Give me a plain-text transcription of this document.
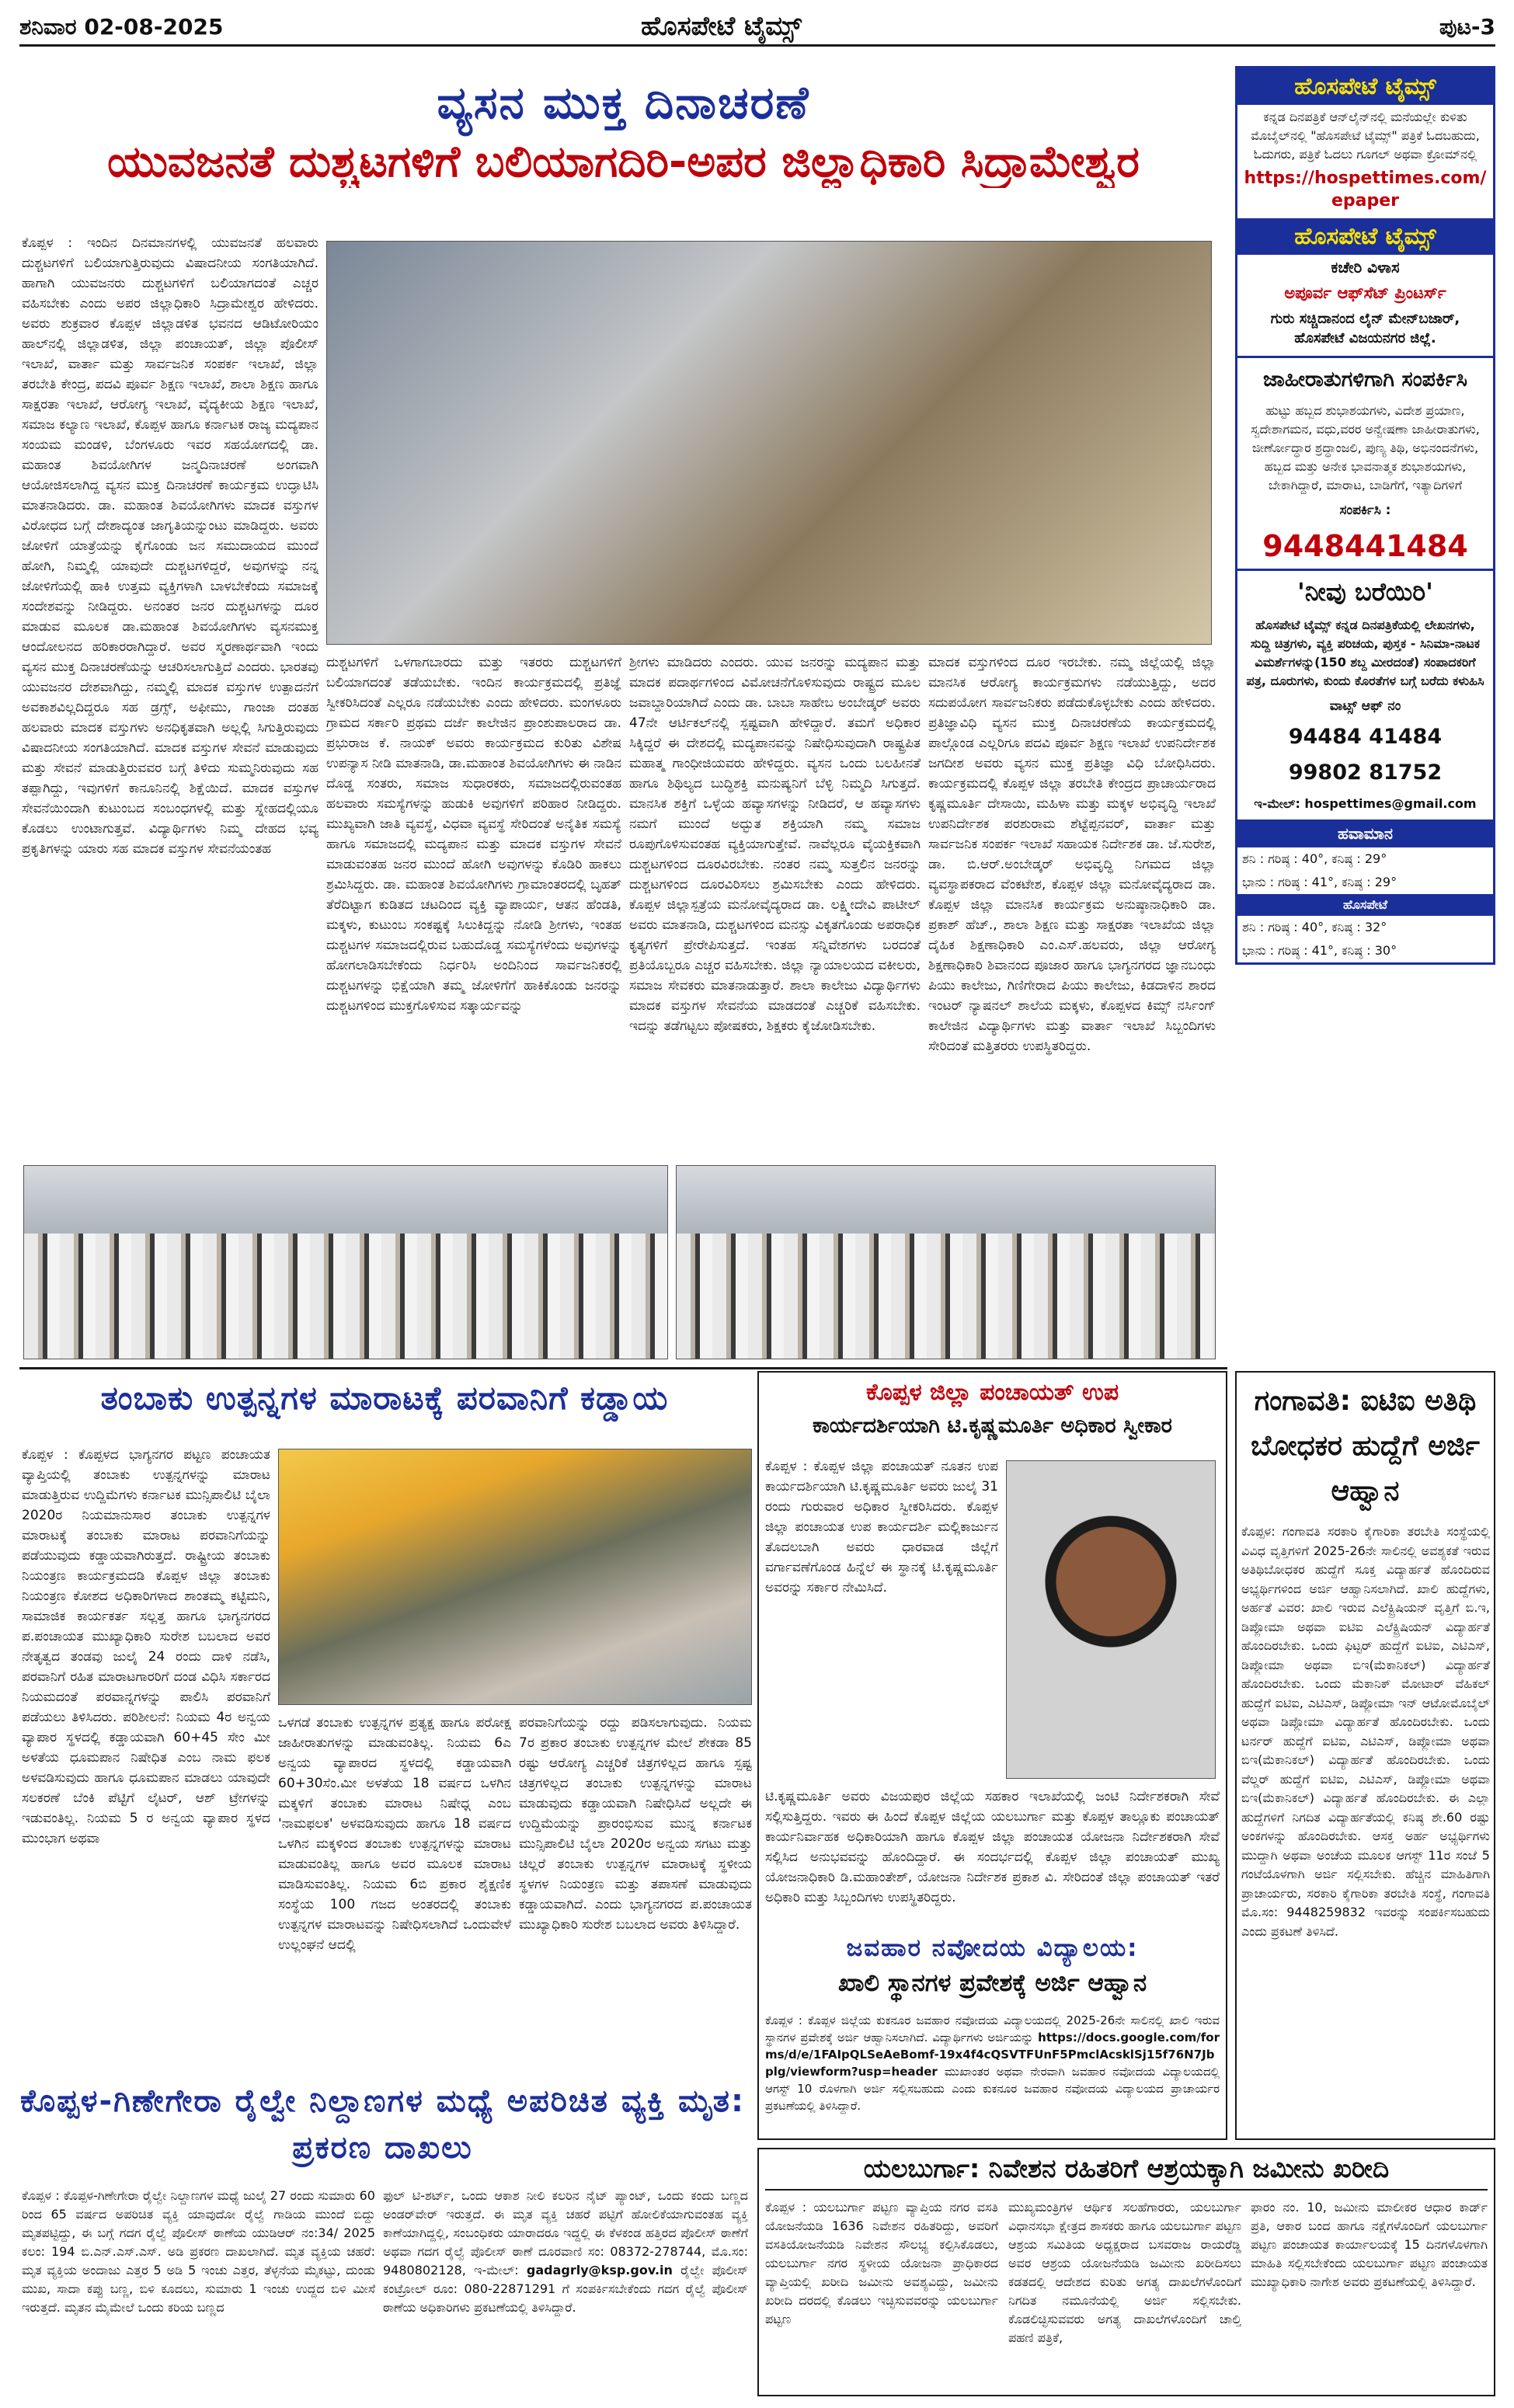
ಶನಿವಾರ 02-08-2025	ಹೊಸಪೇಟೆ ಟೈಮ್ಸ್	ಪುಟ-3
ವ್ಯಸನ ಮುಕ್ತ ದಿನಾಚರಣೆ
ಯುವಜನತೆ ದುಶ್ಚಟಗಳಿಗೆ ಬಲಿಯಾಗದಿರಿ-ಅಪರ ಜಿಲ್ಲಾಧಿಕಾರಿ ಸಿದ್ರಾಮೇಶ್ವರ

ಕೊಪ್ಪಳ : ಇಂದಿನ ದಿನಮಾನಗಳಲ್ಲಿ ಯುವಜನತೆ ಹಲವಾರು ದುಶ್ಚಟಗಳಿಗೆ ಬಲಿಯಾಗುತ್ತಿರುವುದು ವಿಷಾದನೀಯ ಸಂಗತಿಯಾಗಿದೆ. ಹಾಗಾಗಿ ಯುವಜನರು ದುಶ್ಚಟಗಳಿಗೆ ಬಲಿಯಾಗದಂತೆ ಎಚ್ಚರ ವಹಿಸಬೇಕು ಎಂದು ಅಪರ ಜಿಲ್ಲಾಧಿಕಾರಿ ಸಿದ್ರಾಮೇಶ್ವರ ಹೇಳಿದರು. ಅವರು ಶುಕ್ರವಾರ ಕೊಪ್ಪಳ ಜಿಲ್ಲಾಡಳಿತ ಭವನದ ಆಡಿಟೋರಿಯಂ ಹಾಲ್‌ನಲ್ಲಿ ಜಿಲ್ಲಾಡಳಿತ, ಜಿಲ್ಲಾ ಪಂಚಾಯತ್, ಜಿಲ್ಲಾ ಪೊಲೀಸ್ ಇಲಾಖೆ, ವಾರ್ತಾ ಮತ್ತು ಸಾರ್ವಜನಿಕ ಸಂಪರ್ಕ ಇಲಾಖೆ, ಜಿಲ್ಲಾ ತರಬೇತಿ ಕೇಂದ್ರ, ಪದವಿ ಪೂರ್ವ ಶಿಕ್ಷಣ ಇಲಾಖೆ, ಶಾಲಾ ಶಿಕ್ಷಣ ಹಾಗೂ ಸಾಕ್ಷರತಾ ಇಲಾಖೆ, ಆರೋಗ್ಯ ಇಲಾಖೆ, ವೈದ್ಯಕೀಯ ಶಿಕ್ಷಣ ಇಲಾಖೆ, ಸಮಾಜ ಕಲ್ಯಾಣ ಇಲಾಖೆ, ಕೊಪ್ಪಳ ಹಾಗೂ ಕರ್ನಾಟಕ ರಾಜ್ಯ ಮದ್ಯಪಾನ ಸಂಯಮ ಮಂಡಳಿ, ಬೆಂಗಳೂರು ಇವರ ಸಹಯೋಗದಲ್ಲಿ ಡಾ. ಮಹಾಂತ ಶಿವಯೋಗಿಗಳ ಜನ್ಮದಿನಾಚರಣೆ ಅಂಗವಾಗಿ ಆಯೋಜಿಸಲಾಗಿದ್ದ ವ್ಯಸನ ಮುಕ್ತ ದಿನಾಚರಣೆ ಕಾರ್ಯಕ್ರಮ ಉದ್ಘಾಟಿಸಿ ಮಾತನಾಡಿದರು. ಡಾ. ಮಹಾಂತ ಶಿವಯೋಗಿಗಳು ಮಾದಕ ವಸ್ತುಗಳ ವಿರೋಧದ ಬಗ್ಗೆ ದೇಶಾದ್ಯಂತ ಜಾಗೃತಿಯನ್ನುಂಟು ಮಾಡಿದ್ದರು. ಅವರು ಜೋಳಿಗೆ ಯಾತ್ರೆಯನ್ನು ಕೈಗೊಂಡು ಜನ ಸಮುದಾಯದ ಮುಂದೆ ಹೋಗಿ, ನಿಮ್ಮಲ್ಲಿ ಯಾವುದೇ ದುಶ್ಚಟಗಳಿದ್ದರೆ, ಅವುಗಳನ್ನು ನನ್ನ ಜೋಳಿಗೆಯಲ್ಲಿ ಹಾಕಿ ಉತ್ತಮ ವ್ಯಕ್ತಿಗಳಾಗಿ ಬಾಳಬೇಕೆಂದು ಸಮಾಜಕ್ಕೆ ಸಂದೇಶವನ್ನು ನೀಡಿದ್ದರು. ಅನಂತರ ಜನರ ದುಶ್ಚಟಗಳನ್ನು ದೂರ ಮಾಡುವ ಮೂಲಕ ಡಾ.ಮಹಾಂತ ಶಿವಯೋಗಿಗಳು ವ್ಯಸನಮುಕ್ತ ಆಂದೋಲನದ ಹರಿಕಾರರಾಗಿದ್ದಾರೆ. ಅವರ ಸ್ಮರಣಾರ್ಥವಾಗಿ ಇಂದು ವ್ಯಸನ ಮುಕ್ತ ದಿನಾಚರಣೆಯನ್ನು ಆಚರಿಸಲಾಗುತ್ತಿದೆ ಎಂದರು. ಭಾರತವು ಯುವಜನರ ದೇಶವಾಗಿದ್ದು, ನಮ್ಮಲ್ಲಿ ಮಾದಕ ವಸ್ತುಗಳ ಉತ್ಪಾದನೆಗೆ ಅವಕಾಶವಿಲ್ಲದಿದ್ದರೂ ಸಹ ಡ್ರಗ್ಸ್, ಅಫೀಮು, ಗಾಂಜಾ ದಂತಹ ಹಲವಾರು ಮಾದಕ ವಸ್ತುಗಳು ಅನಧಿಕೃತವಾಗಿ ಅಲ್ಲಲ್ಲಿ ಸಿಗುತ್ತಿರುವುದು ವಿಷಾದನೀಯ ಸಂಗತಿಯಾಗಿದೆ. ಮಾದಕ ವಸ್ತುಗಳ ಸೇವನೆ ಮಾಡುವುದು ಮತ್ತು ಸೇವನೆ ಮಾಡುತ್ತಿರುವವರ ಬಗ್ಗೆ ತಿಳಿದು ಸುಮ್ಮನಿರುವುದು ಸಹ ತಪ್ಪಾಗಿದ್ದು, ಇವುಗಳಿಗೆ ಕಾನೂನಿನಲ್ಲಿ ಶಿಕ್ಷೆಯಿದೆ. ಮಾದಕ ವಸ್ತುಗಳ ಸೇವನೆಯಿಂದಾಗಿ ಕುಟುಂಬದ ಸಂಬಂಧಗಳಲ್ಲಿ ಮತ್ತು ಸ್ನೇಹದಲ್ಲಿಯೂ ಕೊಡಲು ಉಂಟಾಗುತ್ತವೆ. ವಿದ್ಯಾರ್ಥಿಗಳು ನಿಮ್ಮ ದೇಹದ ಭವ್ಯ ಪ್ರಕೃತಿಗಳನ್ನು ಯಾರು ಸಹ ಮಾದಕ ವಸ್ತುಗಳ ಸೇವನೆಯಂತಹ

ದುಶ್ಚಟಗಳಿಗೆ ಒಳಗಾಗಬಾರದು ಮತ್ತು ಇತರರು ದುಶ್ಚಟಗಳಿಗೆ ಬಲಿಯಾಗದಂತೆ ತಡೆಯಬೇಕು. ಇಂದಿನ ಕಾರ್ಯಕ್ರಮದಲ್ಲಿ ಪ್ರತಿಜ್ಞೆ ಸ್ವೀಕರಿಸಿದಂತೆ ಎಲ್ಲರೂ ನಡೆಯಬೇಕು ಎಂದು ಹೇಳಿದರು. ಮಂಗಳೂರು ಗ್ರಾಮದ ಸರ್ಕಾರಿ ಪ್ರಥಮ ದರ್ಜೆ ಕಾಲೇಜಿನ ಪ್ರಾಂಶುಪಾಲರಾದ ಡಾ. ಪ್ರಭುರಾಜ ಕೆ. ನಾಯಕ್ ಅವರು ಕಾರ್ಯಕ್ರಮದ ಕುರಿತು ವಿಶೇಷ ಉಪನ್ಯಾಸ ನೀಡಿ ಮಾತನಾಡಿ, ಡಾ.ಮಹಾಂತ ಶಿವಯೋಗಿಗಳು ಈ ನಾಡಿನ ದೊಡ್ಡ ಸಂತರು, ಸಮಾಜ ಸುಧಾರಕರು, ಸಮಾಜದಲ್ಲಿರುವಂತಹ ಹಲವಾರು ಸಮಸ್ಯೆಗಳನ್ನು ಹುಡುಕಿ ಅವುಗಳಿಗೆ ಪರಿಹಾರ ನೀಡಿದ್ದರು. ಮುಖ್ಯವಾಗಿ ಜಾತಿ ವ್ಯವಸ್ಥೆ, ವಿಧವಾ ವ್ಯವಸ್ಥೆ ಸೇರಿದಂತೆ ಅನೈತಿಕ ಸಮಸ್ಯೆ ಹಾಗೂ ಸಮಾಜದಲ್ಲಿ ಮದ್ಯಪಾನ ಮತ್ತು ಮಾದಕ ವಸ್ತುಗಳ ಸೇವನೆ ಮಾಡುವಂತಹ ಜನರ ಮುಂದೆ ಹೋಗಿ ಅವುಗಳನ್ನು ಕೊಡಿರಿ ಹಾಕಲು ಶ್ರಮಿಸಿದ್ದರು. ಡಾ. ಮಹಾಂತ ಶಿವಯೋಗಿಗಳು ಗ್ರಾಮಾಂತರದಲ್ಲಿ ಬೃಹತ್ ತೆರೆದಿಟ್ಟಾಗ ಕುಡಿತದ ಚಟದಿಂದ ವ್ಯಕ್ತಿ ವ್ಯಾಪಾರ್ಯ, ಆತನ ಹೆಂಡತಿ, ಮಕ್ಕಳು, ಕುಟುಂಬ ಸಂಕಷ್ಟಕ್ಕೆ ಸಿಲುಕಿದ್ದನ್ನು ನೋಡಿ ಶ್ರೀಗಳು, ಇಂತಹ ದುಶ್ಚಟಗಳ ಸಮಾಜದಲ್ಲಿರುವ ಬಹುದೊಡ್ಡ ಸಮಸ್ಯೆಗಳೆಂದು ಅವುಗಳನ್ನು ಹೋಗಲಾಡಿಸಬೇಕೆಂದು ನಿರ್ಧರಿಸಿ ಅಂದಿನಿಂದ ಸಾರ್ವಜನಿಕರಲ್ಲಿ ದುಶ್ಚಟಗಳನ್ನು ಭಿಕ್ಷೆಯಾಗಿ ತಮ್ಮ ಜೋಳಿಗೆಗೆ ಹಾಕಿಕೊಂಡು ಜನರನ್ನು ದುಶ್ಚಟಗಳಿಂದ ಮುಕ್ತಗೊಳಿಸುವ ಸತ್ಕಾರ್ಯವನ್ನು

ಶ್ರೀಗಳು ಮಾಡಿದರು ಎಂದರು. ಯುವ ಜನರನ್ನು ಮದ್ಯಪಾನ ಮತ್ತು ಮಾದಕ ಪದಾರ್ಥಗಳಿಂದ ವಿಮೋಚನೆಗೊಳಿಸುವುದು ರಾಷ್ಟ್ರದ ಮೂಲ ಜವಾಬ್ದಾರಿಯಾಗಿದೆ ಎಂದು ಡಾ. ಬಾಬಾ ಸಾಹೇಬ ಅಂಬೇಡ್ಕರ್ ಅವರು 47ನೇ ಆರ್ಟಿಕಲ್‌ನಲ್ಲಿ ಸ್ಪಷ್ಟವಾಗಿ ಹೇಳಿದ್ದಾರೆ. ತಮಗೆ ಅಧಿಕಾರ ಸಿಕ್ಕಿದ್ದರೆ ಈ ದೇಶದಲ್ಲಿ ಮದ್ಯಪಾನವನ್ನು ನಿಷೇಧಿಸುವುದಾಗಿ ರಾಷ್ಟ್ರಪಿತ ಮಹಾತ್ಮ ಗಾಂಧೀಜಿಯವರು ಹೇಳಿದ್ದರು. ವ್ಯಸನ ಒಂದು ಬಲಹೀನತೆ ಹಾಗೂ ಶಿಥಿಲ್ಯದ ಬುದ್ಧಿಶಕ್ತಿ ಮನುಷ್ಯನಿಗೆ ಬೆಳ್ಳಿ ನಿಮ್ಮದಿ ಸಿಗುತ್ತದೆ. ಮಾನಸಿಕ ಶಕ್ತಿಗೆ ಒಳ್ಳೆಯ ಹವ್ಯಾಸಗಳನ್ನು ನೀಡಿದರೆ, ಆ ಹವ್ಯಾಸಗಳು ನಮಗೆ ಮುಂದೆ ಅದ್ಭುತ ಶಕ್ತಿಯಾಗಿ ನಮ್ಮ ಸಮಾಜ ರೂಪುಗೊಳಿಸುವಂತಹ ವ್ಯಕ್ತಿಯಾಗುತ್ತೇವೆ. ನಾವೆಲ್ಲರೂ ವೈಯಕ್ತಿಕವಾಗಿ ದುಶ್ಚಟಗಳಿಂದ ದೂರವಿರಬೇಕು. ನಂತರ ನಮ್ಮ ಸುತ್ತಲಿನ ಜನರನ್ನು ದುಶ್ಚಟಗಳಿಂದ ದೂರವಿರಿಸಲು ಶ್ರಮಿಸಬೇಕು ಎಂದು ಹೇಳಿದರು. ಕೊಪ್ಪಳ ಜಿಲ್ಲಾಸ್ಪತ್ರೆಯ ಮನೋವೈದ್ಯರಾದ ಡಾ. ಲಕ್ಷ್ಮೀದೇವಿ ಪಾಟೀಲ್ ಅವರು ಮಾತನಾಡಿ, ದುಶ್ಚಟಗಳಿಂದ ಮನಸ್ಸು ವಿಕೃತಗೊಂಡು ಅಪರಾಧಿಕ ಕೃತ್ಯಗಳಿಗೆ ಪ್ರೇರೇಪಿಸುತ್ತದೆ. ಇಂತಹ ಸನ್ನಿವೇಶಗಳು ಬರದಂತೆ ಪ್ರತಿಯೊಬ್ಬರೂ ಎಚ್ಚರ ವಹಿಸಬೇಕು. ಜಿಲ್ಲಾ ನ್ಯಾಯಾಲಯದ ವಕೀಲರು, ಸಮಾಜ ಸೇವಕರು ಮಾತನಾಡುತ್ತಾರೆ. ಶಾಲಾ ಕಾಲೇಜು ವಿದ್ಯಾರ್ಥಿಗಳು ಮಾದಕ ವಸ್ತುಗಳ ಸೇವನೆಯ ಮಾಡದಂತೆ ಎಚ್ಚರಿಕೆ ವಹಿಸಬೇಕು. ಇದನ್ನು ತಡೆಗಟ್ಟಲು ಪೋಷಕರು, ಶಿಕ್ಷಕರು ಕೈಜೋಡಿಸಬೇಕು.

ಮಾದಕ ವಸ್ತುಗಳಿಂದ ದೂರ ಇರಬೇಕು. ನಮ್ಮ ಜಿಲ್ಲೆಯಲ್ಲಿ ಜಿಲ್ಲಾ ಮಾನಸಿಕ ಆರೋಗ್ಯ ಕಾರ್ಯಕ್ರಮಗಳು ನಡೆಯುತ್ತಿದ್ದು, ಅದರ ಸದುಪಯೋಗ ಸಾರ್ವಜನಿಕರು ಪಡೆದುಕೊಳ್ಳಬೇಕು ಎಂದು ಹೇಳಿದರು. ಪ್ರತಿಜ್ಞಾವಿಧಿ ವ್ಯಸನ ಮುಕ್ತ ದಿನಾಚರಣೆಯ ಕಾರ್ಯಕ್ರಮದಲ್ಲಿ ಪಾಲ್ಗೊಂಡ ಎಲ್ಲರಿಗೂ ಪದವಿ ಪೂರ್ವ ಶಿಕ್ಷಣ ಇಲಾಖೆ ಉಪನಿರ್ದೇಶಕ ಜಗದೀಶ ಅವರು ವ್ಯಸನ ಮುಕ್ತ ಪ್ರತಿಜ್ಞಾ ವಿಧಿ ಬೋಧಿಸಿದರು. ಕಾರ್ಯಕ್ರಮದಲ್ಲಿ ಕೊಪ್ಪಳ ಜಿಲ್ಲಾ ತರಬೇತಿ ಕೇಂದ್ರದ ಪ್ರಾಚಾರ್ಯರಾದ ಕೃಷ್ಣಮೂರ್ತಿ ದೇಸಾಯಿ, ಮಹಿಳಾ ಮತ್ತು ಮಕ್ಕಳ ಅಭಿವೃದ್ಧಿ ಇಲಾಖೆ ಉಪನಿರ್ದೇಶಕ ಪರಶುರಾಮ ಶೆಟ್ಟೆಪ್ಪನವರ್, ವಾರ್ತಾ ಮತ್ತು ಸಾರ್ವಜನಿಕ ಸಂಪರ್ಕ ಇಲಾಖೆ ಸಹಾಯಕ ನಿರ್ದೇಶಕ ಡಾ. ಜೆ.ಸುರೇಶ, ಡಾ. ಬಿ.ಆರ್.ಅಂಬೇಡ್ಕರ್ ಅಭಿವೃದ್ಧಿ ನಿಗಮದ ಜಿಲ್ಲಾ ವ್ಯವಸ್ಥಾಪಕರಾದ ವೆಂಕಟೇಶ, ಕೊಪ್ಪಳ ಜಿಲ್ಲಾ ಮನೋವೈದ್ಯರಾದ ಡಾ. ಕೊಪ್ಪಳ ಜಿಲ್ಲಾ ಮಾನಸಿಕ ಕಾರ್ಯಕ್ರಮ ಅನುಷ್ಠಾನಾಧಿಕಾರಿ ಡಾ. ಪ್ರಕಾಶ್ ಹೆಚ್., ಶಾಲಾ ಶಿಕ್ಷಣ ಮತ್ತು ಸಾಕ್ಷರತಾ ಇಲಾಖೆಯ ಜಿಲ್ಲಾ ದೈಹಿಕ ಶಿಕ್ಷಣಾಧಿಕಾರಿ ಎಂ.ಎಸ್.ಹಲವರು, ಜಿಲ್ಲಾ ಆರೋಗ್ಯ ಶಿಕ್ಷಣಾಧಿಕಾರಿ ಶಿವಾನಂದ ಪೂಜಾರ ಹಾಗೂ ಭಾಗ್ಯನಗರದ ಜ್ಞಾನಬಂಧು ಪಿಯು ಕಾಲೇಜು, ಗಿಣಿಗೇರಾದ ಪಿಯು ಕಾಲೇಜು, ಕಿಡದಾಳಿನ ಶಾರದ ಇಂಟರ್ ನ್ಯಾಷನಲ್ ಶಾಲೆಯ ಮಕ್ಕಳು, ಕೊಪ್ಪಳದ ಕಿಮ್ಸ್ ನರ್ಸಿಂಗ್ ಕಾಲೇಜಿನ ವಿದ್ಯಾರ್ಥಿಗಳು ಮತ್ತು ವಾರ್ತಾ ಇಲಾಖೆ ಸಿಬ್ಬಂದಿಗಳು ಸೇರಿದಂತೆ ಮತ್ತಿತರರು ಉಪಸ್ಥಿತರಿದ್ದರು.

ಹೊಸಪೇಟೆ ಟೈಮ್ಸ್
ಕನ್ನಡ ದಿನಪತ್ರಿಕೆ ಆನ್‌ಲೈನ್‌ನಲ್ಲಿ ಮನೆಯಲ್ಲೇ ಕುಳಿತು ಮೊಬೈಲ್‌ನಲ್ಲಿ "ಹೊಸಪೇಟೆ ಟೈಮ್ಸ್" ಪತ್ರಿಕೆ ಓದಬಹುದು, ಓದುಗರು, ಪತ್ರಿಕೆ ಓದಲು ಗೂಗಲ್ ಅಥವಾ ಕ್ರೋಮ್‌ನಲ್ಲಿ
https://hospettimes.com/
epaper
ಹೊಸಪೇಟೆ ಟೈಮ್ಸ್
ಕಚೇರಿ ವಿಳಾಸ
ಅಪೂರ್ವ ಆಫ್‌ಸೆಟ್ ಪ್ರಿಂಟರ್ಸ್
ಗುರು ಸಚ್ಚಿದಾನಂದ ಲೈನ್ ಮೇನ್‌ಬಜಾರ್, ಹೊಸಪೇಟೆ ವಿಜಯನಗರ ಜಿಲ್ಲೆ.
ಜಾಹೀರಾತುಗಳಿಗಾಗಿ ಸಂಪರ್ಕಿಸಿ
ಹುಟ್ಟು ಹಬ್ಬದ ಶುಭಾಶಯಗಳು, ವಿದೇಶ ಪ್ರಯಾಣ, ಸ್ವದೇಶಾಗಮನ, ವಧು,ವರರ ಅನ್ವೇಷಣಾ ಜಾಹೀರಾತುಗಳು, ಜೀರ್ಣೋದ್ಧಾರ ಶ್ರದ್ಧಾಂಜಲಿ, ಪುಣ್ಯ ತಿಥಿ, ಅಭಿನಂದನೆಗಳು, ಹಬ್ಬದ ಮತ್ತು ಅನೇಕ ಭಾವನಾತ್ಮಕ ಶುಭಾಶಯಗಳು, ಬೇಕಾಗಿದ್ದಾರೆ, ಮಾರಾಟ, ಬಾಡಿಗೆಗೆ, ಇತ್ಯಾದಿಗಳಿಗೆ
ಸಂಪರ್ಕಿಸಿ :
9448441484
'ನೀವು ಬರೆಯಿರಿ'
ಹೊಸಪೇಟೆ ಟೈಮ್ಸ್ ಕನ್ನಡ ದಿನಪತ್ರಿಕೆಯಲ್ಲಿ ಲೇಖನಗಳು, ಸುದ್ದಿ ಚಿತ್ರಗಳು, ವ್ಯಕ್ತಿ ಪರಿಚಯ, ಪುಸ್ತಕ - ಸಿನಿಮಾ-ನಾಟಕ ವಿಮರ್ಶೆಗಳನ್ನು(150 ಶಬ್ದ ಮೀರದಂತೆ) ಸಂಪಾದಕರಿಗೆ ಪತ್ರ, ದೂರುಗಳು, ಕುಂದು ಕೊರತೆಗಳ ಬಗ್ಗೆ ಬರೆದು ಕಳುಹಿಸಿ
ವಾಟ್ಸ್ ಆಫ್ ನಂ
94484 41484
99802 81752
ಇ-ಮೇಲ್: hospettimes@gmail.com
ಹವಾಮಾನ
ಶನಿ : ಗರಿಷ್ಠ : 40°, ಕನಿಷ್ಠ : 29°
ಭಾನು : ಗರಿಷ್ಠ : 41°, ಕನಿಷ್ಠ : 29°
ಹೊಸಪೇಟೆ
ಶನಿ : ಗರಿಷ್ಠ : 40°, ಕನಿಷ್ಠ : 32°
ಭಾನು : ಗರಿಷ್ಠ : 41°, ಕನಿಷ್ಠ : 30°
ತಂಬಾಕು ಉತ್ಪನ್ನಗಳ ಮಾರಾಟಕ್ಕೆ ಪರವಾನಿಗೆ ಕಡ್ಡಾಯ

ಕೊಪ್ಪಳ : ಕೊಪ್ಪಳದ ಭಾಗ್ಯನಗರ ಪಟ್ಟಣ ಪಂಚಾಯತ ವ್ಯಾಪ್ತಿಯಲ್ಲಿ ತಂಬಾಕು ಉತ್ಪನ್ನಗಳನ್ನು ಮಾರಾಟ ಮಾಡುತ್ತಿರುವ ಉದ್ದಿಮೆಗಳು ಕರ್ನಾಟಕ ಮುನ್ಸಿಪಾಲಿಟಿ ಬೈಲಾ 2020ರ ನಿಯಮಾನುಸಾರ ತಂಬಾಕು ಉತ್ಪನ್ನಗಳ ಮಾರಾಟಕ್ಕೆ ತಂಬಾಕು ಮಾರಾಟ ಪರವಾನಿಗೆಯನ್ನು ಪಡೆಯುವುದು ಕಡ್ಡಾಯವಾಗಿರುತ್ತದೆ. ರಾಷ್ಟ್ರೀಯ ತಂಬಾಕು ನಿಯಂತ್ರಣ ಕಾರ್ಯಕ್ರಮದಡಿ ಕೊಪ್ಪಳ ಜಿಲ್ಲಾ ತಂಬಾಕು ನಿಯಂತ್ರಣ ಕೋಶದ ಅಧಿಕಾರಿಗಳಾದ ಶಾಂತಮ್ಮ ಕಟ್ಟಿಮನಿ, ಸಾಮಾಜಿಕ ಕಾರ್ಯಕರ್ತ ಸಲ್ಲತ್ತ ಹಾಗೂ ಭಾಗ್ಯನಗರದ ಪ.ಪಂಚಾಯತ ಮುಖ್ಯಾಧಿಕಾರಿ ಸುರೇಶ ಬಬಲಾದ ಅವರ ನೇತೃತ್ವದ ತಂಡವು ಜುಲೈ 24 ರಂದು ದಾಳಿ ನಡೆಸಿ, ಪರವಾನಿಗೆ ರಹಿತ ಮಾರಾಟಗಾರರಿಗೆ ದಂಡ ವಿಧಿಸಿ ಸರ್ಕಾರದ ನಿಯಮದಂತೆ ಪರವಾನ್ನಗಳನ್ನು ಪಾಲಿಸಿ ಪರವಾನಿಗೆ ಪಡೆಯಲು ತಿಳಿಸಿದರು. ಪರಿಶೀಲನೆ: ನಿಯಮ 4ರ ಅನ್ವಯ ವ್ಯಾಪಾರ ಸ್ಥಳದಲ್ಲಿ ಕಡ್ಡಾಯವಾಗಿ 60+45 ಸೇಂ ಮೀ ಅಳತೆಯ ಧೂಮಪಾನ ನಿಷೇಧಿತ ಎಂಬ ನಾಮ ಫಲಕ ಅಳವಡಿಸುವುದು ಹಾಗೂ ಧೂಮಪಾನ ಮಾಡಲು ಯಾವುದೇ ಸಲಕರಣೆ ಬೆಂಕಿ ಪೆಟ್ಟಿಗೆ ಲೈಟರ್, ಆಶ್ ಟ್ರೇಗಳನ್ನು ಇಡುವಂತಿಲ್ಲ. ನಿಯಮ 5 ರ ಅನ್ವಯ ವ್ಯಾಪಾರ ಸ್ಥಳದ ಮುಂಭಾಗ ಅಥವಾ

ಒಳಗಡೆ ತಂಬಾಕು ಉತ್ಪನ್ನಗಳ ಪ್ರತ್ಯಕ್ಷ ಹಾಗೂ ಪರೋಕ್ಷ ಜಾಹೀರಾತುಗಳನ್ನು ಮಾಡುವಂತಿಲ್ಲ. ನಿಯಮ 6ಎ ಅನ್ವಯ ವ್ಯಾಪಾರದ ಸ್ಥಳದಲ್ಲಿ ಕಡ್ಡಾಯವಾಗಿ 60+30ಸೆಂ.ಮೀ ಅಳತೆಯ 18 ವರ್ಷದ ಒಳಗಿನ ಮಕ್ಕಳಿಗೆ ತಂಬಾಕು ಮಾರಾಟ ನಿಷೇಧ್ಗ ಎಂಬ 'ನಾಮಫಲಕ' ಅಳವಡಿಸುವುದು ಹಾಗೂ 18 ವರ್ಷದ ಒಳಗಿನ ಮಕ್ಕಳಿಂದ ತಂಬಾಕು ಉತ್ಪನ್ನಗಳನ್ನು ಮಾರಾಟ ಮಾಡುವಂತಿಲ್ಲ ಹಾಗೂ ಅವರ ಮೂಲಕ ಮಾರಾಟ ಮಾಡಿಸುವಂತಿಲ್ಲ. ನಿಯಮ 6ಬಿ ಪ್ರಕಾರ ಶೈಕ್ಷಣಿಕ ಸಂಸ್ಥೆಯ 100 ಗಜದ ಅಂತರದಲ್ಲಿ ತಂಬಾಕು ಉತ್ಪನ್ನಗಳ ಮಾರಾಟವನ್ನು ನಿಷೇಧಿಸಲಾಗಿದೆ ಒಂದುವೇಳೆ ಉಲ್ಲಂಘನೆ ಆದಲ್ಲಿ

ಪರವಾನಿಗೆಯನ್ನು ರದ್ದು ಪಡಿಸಲಾಗುವುದು. ನಿಯಮ 7ರ ಪ್ರಕಾರ ತಂಬಾಕು ಉತ್ಪನ್ನಗಳ ಮೇಲೆ ಶೇಕಡಾ 85 ರಷ್ಟು ಆರೋಗ್ಯ ಎಚ್ಚರಿಕೆ ಚಿತ್ರಗಳಿಲ್ಲದ ಹಾಗೂ ಸ್ಪಷ್ಟ ಚಿತ್ರಗಳಿಲ್ಲದ ತಂಬಾಕು ಉತ್ಪನ್ನಗಳನ್ನು ಮಾರಾಟ ಮಾಡುವುದು ಕಡ್ಡಾಯವಾಗಿ ನಿಷೇಧಿಸಿದೆ ಅಲ್ಲದೇ ಈ ಉದ್ದಿಮೆಯನ್ನು ಪ್ರಾರಂಭಿಸುವ ಮುನ್ನ ಕರ್ನಾಟಕ ಮುನ್ಸಿಪಾಲಿಟಿ ಬೈಲಾ 2020ರ ಅನ್ವಯ ಸಗಟು ಮತ್ತು ಚಿಲ್ಲರೆ ತಂಬಾಕು ಉತ್ಪನ್ನಗಳ ಮಾರಾಟಕ್ಕೆ ಸ್ಥಳೀಯ ಸ್ಥಳಗಳ ನಿಯಂತ್ರಣ ಮತ್ತು ತಪಾಸಣೆ ಮಾಡುವುದು ಕಡ್ಡಾಯವಾಗಿದೆ. ಎಂದು ಭಾಗ್ಯನಗರದ ಪ.ಪಂಚಾಯತ ಮುಖ್ಯಾಧಿಕಾರಿ ಸುರೇಶ ಬಬಲಾದ ಅವರು ತಿಳಿಸಿದ್ದಾರೆ.

ಕೊಪ್ಪಳ ಜಿಲ್ಲಾ ಪಂಚಾಯತ್ ಉಪ
ಕಾರ್ಯದರ್ಶಿಯಾಗಿ ಟಿ.ಕೃಷ್ಣಮೂರ್ತಿ ಅಧಿಕಾರ ಸ್ವೀಕಾರ

ಕೊಪ್ಪಳ : ಕೊಪ್ಪಳ ಜಿಲ್ಲಾ ಪಂಚಾಯತ್ ನೂತನ ಉಪ ಕಾರ್ಯದರ್ಶಿಯಾಗಿ ಟಿ.ಕೃಷ್ಣಮೂರ್ತಿ ಅವರು ಜುಲೈ 31 ರಂದು ಗುರುವಾರ ಅಧಿಕಾರ ಸ್ವೀಕರಿಸಿದರು. ಕೊಪ್ಪಳ ಜಿಲ್ಲಾ ಪಂಚಾಯತ ಉಪ ಕಾರ್ಯದರ್ಶಿ ಮಲ್ಲಿಕಾರ್ಜುನ ತೊದಲಬಾಗಿ ಅವರು ಧಾರವಾಡ ಜಿಲ್ಲೆಗೆ ವರ್ಗಾವಣೆಗೊಂಡ ಹಿನ್ನೆಲೆ ಈ ಸ್ಥಾನಕ್ಕೆ ಟಿ.ಕೃಷ್ಣಮೂರ್ತಿ ಅವರನ್ನು ಸರ್ಕಾರ ನೇಮಿಸಿದೆ.

ಟಿ.ಕೃಷ್ಣಮೂರ್ತಿ ಅವರು ವಿಜಯಪುರ ಜಿಲ್ಲೆಯ ಸಹಕಾರ ಇಲಾಖೆಯಲ್ಲಿ ಜಂಟಿ ನಿರ್ದೇಶಕರಾಗಿ ಸೇವೆ ಸಲ್ಲಿಸುತ್ತಿದ್ದರು. ಇವರು ಈ ಹಿಂದೆ ಕೊಪ್ಪಳ ಜಿಲ್ಲೆಯ ಯಲಬುರ್ಗಾ ಮತ್ತು ಕೊಪ್ಪಳ ತಾಲ್ಲೂಕು ಪಂಚಾಯತ್ ಕಾರ್ಯನಿರ್ವಾಹಕ ಅಧಿಕಾರಿಯಾಗಿ ಹಾಗೂ ಕೊಪ್ಪಳ ಜಿಲ್ಲಾ ಪಂಚಾಯತ ಯೋಜನಾ ನಿರ್ದೇಶಕರಾಗಿ ಸೇವೆ ಸಲ್ಲಿಸಿದ ಅನುಭವವನ್ನು ಹೊಂದಿದ್ದಾರೆ. ಈ ಸಂದರ್ಭದಲ್ಲಿ ಕೊಪ್ಪಳ ಜಿಲ್ಲಾ ಪಂಚಾಯತ್ ಮುಖ್ಯ ಯೋಜನಾಧಿಕಾರಿ ಡಿ.ಮಹಾಂತೇಶ್, ಯೋಜನಾ ನಿರ್ದೇಶಕ ಪ್ರಕಾಶ ವಿ. ಸೇರಿದಂತೆ ಜಿಲ್ಲಾ ಪಂಚಾಯತ್ ಇತರೆ ಅಧಿಕಾರಿ ಮತ್ತು ಸಿಬ್ಬಂದಿಗಳು ಉಪಸ್ಥಿತರಿದ್ದರು.

ಜವಹಾರ ನವೋದಯ ವಿದ್ಯಾಲಯ:
ಖಾಲಿ ಸ್ಥಾನಗಳ ಪ್ರವೇಶಕ್ಕೆ ಅರ್ಜಿ ಆಹ್ವಾನ
ಕೊಪ್ಪಳ : ಕೊಪ್ಪಳ ಜಿಲ್ಲೆಯ ಕುಕನೂರ ಜವಹಾರ ನವೋದಯ ವಿದ್ಯಾಲಯದಲ್ಲಿ 2025-26ನೇ ಸಾಲಿನಲ್ಲಿ ಖಾಲಿ ಇರುವ ಸ್ಥಾನಗಳ ಪ್ರವೇಶಕ್ಕೆ ಅರ್ಜಿ ಆಹ್ವಾನಿಸಲಾಗಿದೆ. ವಿದ್ಯಾರ್ಥಿಗಳು ಅರ್ಜಿಯನ್ನು https://docs.google.com/forms/d/e/1FAIpQLSeAeBomf-19x4f4cQSVTFUnF5PmclAcsklSj15f76N7Jbplg/viewform?usp=header ಮುಖಾಂತರ ಅಥವಾ ನೇರವಾಗಿ ಜವಹಾರ ನವೋದಯ ವಿದ್ಯಾಲಯದಲ್ಲಿ ಆಗಸ್ಟ್ 10 ರೊಳಗಾಗಿ ಅರ್ಜಿ ಸಲ್ಲಿಸಬಹುದು ಎಂದು ಕುಕನೂರ ಜವಹಾರ ನವೋದಯ ವಿದ್ಯಾಲಯದ ಪ್ರಾಚಾರ್ಯರ ಪ್ರಕಟಣೆಯಲ್ಲಿ ತಿಳಿಸಿದ್ದಾರೆ.
ಗಂಗಾವತಿ: ಐಟಿಐ ಅತಿಥಿ ಬೋಧಕರ ಹುದ್ದೆಗೆ ಅರ್ಜಿ ಆಹ್ವಾನ

ಕೊಪ್ಪಳ: ಗಂಗಾವತಿ ಸರಕಾರಿ ಕೈಗಾರಿಕಾ ತರಬೇತಿ ಸಂಸ್ಥೆಯಲ್ಲಿ ವಿವಿಧ ವೃತ್ತಿಗಳಿಗೆ 2025-26ನೇ ಸಾಲಿನಲ್ಲಿ ಅವಶ್ಯಕತೆ ಇರುವ ಅತಿಥಿಬೋಧಕರ ಹುದ್ದೆಗೆ ಸೂಕ್ತ ವಿದ್ಯಾರ್ಹತೆ ಹೊಂದಿರುವ ಅಭ್ಯರ್ಥಿಗಳಿಂದ ಅರ್ಜಿ ಆಹ್ವಾನಿಸಲಾಗಿದೆ. ಖಾಲಿ ಹುದ್ದೆಗಳು, ಅರ್ಹತೆ ವಿವರ: ಖಾಲಿ ಇರುವ ಎಲೆಕ್ಟ್ರಿಷಿಯನ್ ವೃತ್ತಿಗೆ ಬಿ.ಇ, ಡಿಪ್ಲೋಮಾ ಅಥವಾ ಐಟಿಐ ಎಲೆಕ್ಟ್ರಿಷಿಯನ್ ವಿದ್ಯಾರ್ಹತೆ ಹೊಂದಿರಬೇಕು. ಒಂದು ಫಿಟ್ಟರ್ ಹುದ್ದೆಗೆ ಐಟಿಐ, ಎಟಿಎಸ್, ಡಿಪ್ಲೋಮಾ ಅಥವಾ ಬಿಇ(ಮೆಕಾನಿಕಲ್) ವಿದ್ಯಾರ್ಹತೆ ಹೊಂದಿರಬೇಕು. ಒಂದು ಮೆಕಾನಿಕ್ ಮೋಟಾರ್ ವೆಹಿಕಲ್ ಹುದ್ದೆಗೆ ಐಟಿಐ, ಎಟಿಎಸ್, ಡಿಪ್ಲೋಮಾ ಇನ್ ಆಟೋಮೊಬೈಲ್ ಅಥವಾ ಡಿಪ್ಲೋಮಾ ವಿದ್ಯಾರ್ಹತೆ ಹೊಂದಿರಬೇಕು. ಒಂದು ಟರ್ನರ್ ಹುದ್ದೆಗೆ ಐಟಿಐ, ಎಟಿಎಸ್, ಡಿಪ್ಲೋಮಾ ಅಥವಾ ಬಿಇ(ಮೆಕಾನಿಕಲ್) ವಿದ್ಯಾರ್ಹತೆ ಹೊಂದಿರಬೇಕು. ಒಂದು ವೆಲ್ಡರ್ ಹುದ್ದೆಗೆ ಐಟಿಐ, ಎಟಿಎಸ್, ಡಿಪ್ಲೋಮಾ ಅಥವಾ ಬಿಇ(ಮೆಕಾನಿಕಲ್) ವಿದ್ಯಾರ್ಹತೆ ಹೊಂದಿರಬೇಕು. ಈ ಎಲ್ಲಾ ಹುದ್ದೆಗಳಿಗೆ ನಿಗದಿತ ವಿದ್ಯಾರ್ಹತೆಯಲ್ಲಿ ಕನಿಷ್ಠ ಶೇ.60 ರಷ್ಟು ಅಂಕಗಳನ್ನು ಹೊಂದಿರಬೇಕು. ಆಸಕ್ತ ಅರ್ಹ ಅಭ್ಯರ್ಥಿಗಳು ಮುದ್ದಾಗಿ ಅಥವಾ ಅಂಚೆಯ ಮೂಲಕ ಆಗಸ್ಟ್ 11ರ ಸಂಜೆ 5 ಗಂಟೆಯೊಳಗಾಗಿ ಅರ್ಜಿ ಸಲ್ಲಿಸಬೇಕು. ಹೆಚ್ಚಿನ ಮಾಹಿತಿಗಾಗಿ ಪ್ರಾಚಾರ್ಯರು, ಸರಕಾರಿ ಕೈಗಾರಿಕಾ ತರಬೇತಿ ಸಂಸ್ಥೆ, ಗಂಗಾವತಿ ಮೊ.ಸಂ: 9448259832 ಇವರನ್ನು ಸಂಪರ್ಕಿಸಬಹುದು ಎಂದು ಪ್ರಕಟಣೆ ತಿಳಿಸಿದೆ.

ಕೊಪ್ಪಳ-ಗಿಣೇಗೇರಾ ರೈಲ್ವೇ ನಿಲ್ದಾಣಗಳ ಮಧ್ಯೆ ಅಪರಿಚಿತ ವ್ಯಕ್ತಿ ಮೃತ: ಪ್ರಕರಣ ದಾಖಲು

ಕೊಪ್ಪಳ : ಕೊಪ್ಪಳ-ಗಿಣೇಗೇರಾ ರೈಲ್ವೇ ನಿಲ್ದಾಣಗಳ ಮಧ್ಯೆ ಜುಲೈ 27 ರಂದು ಸುಮಾರು 60 ರಿಂದ 65 ವರ್ಷದ ಅಪರಿಚಿತ ವ್ಯಕ್ತಿ ಯಾವುದೋ ರೈಲ್ವೆ ಗಾಡಿಯ ಮುಂದೆ ಬಿದ್ದು ಮೃತಪಟ್ಟಿದ್ದು, ಈ ಬಗ್ಗೆ ಗದಗ ರೈಲ್ವೆ ಪೊಲೀಸ್ ಠಾಣೆಯ ಯುಡಿಆರ್ ನಂ:34/ 2025 ಕಲಂ: 194 ಬಿ.ಎನ್.ಎಸ್.ಎಸ್. ಅಡಿ ಪ್ರಕರಣ ದಾಖಲಾಗಿದೆ. ಮೃತ ವ್ಯಕ್ತಿಯ ಚಹರೆ: ಮೃತ ವ್ಯಕ್ತಿಯ ಅಂದಾಜು ಎತ್ತರ 5 ಅಡಿ 5 ಇಂಚು ಎತ್ತರ, ತೆಳ್ಳನೆಯ ಮೈಕಟ್ಟು, ದುಂಡು ಮುಖ, ಸಾದಾ ಕಪ್ಪು ಬಣ್ಣ, ಬಿಳಿ ಕೂದಲು, ಸುಮಾರು 1 ಇಂಚು ಉದ್ದದ ಬಿಳಿ ಮೀಸೆ ಇರುತ್ತದೆ. ಮೃತನ ಮೈಮೇಲೆ ಒಂದು ಕರಿಯ ಬಣ್ಣದ

ಫುಲ್ ಟಿ-ಶರ್ಟ್, ಒಂದು ಆಕಾಶ ನೀಲಿ ಕಲರಿನ ನೈಟ್ ಪ್ಯಾಂಟ್, ಒಂದು ಕಂದು ಬಣ್ಣದ ಅಂಡರ್‌ವೇರ್ ಇರುತ್ತದೆ. ಈ ಮೃತ ವ್ಯಕ್ತಿ ಚಹರೆ ಪಟ್ಟಿಗೆ ಹೋಲಿಕೆಯಾಗುವಂತಹ ವ್ಯಕ್ತಿ ಕಾಣೆಯಾಗಿದ್ದಲ್ಲಿ, ಸಂಬಂಧಿಕರು ಯಾರಾದರೂ ಇದ್ದಲ್ಲಿ ಈ ಕೆಳಕಂಡ ಹತ್ತಿರದ ಪೊಲೀಸ್ ಠಾಣೆಗೆ ಅಥವಾ ಗದಗ ರೈಲ್ವೆ ಪೊಲೀಸ್ ಠಾಣೆ ದೂರವಾಣಿ ಸಂ: 08372-278744, ಮೊ.ಸಂ: 9480802128, ಇ-ಮೇಲ್: gadagrly@ksp.gov.in ರೈಲ್ವೇ ಪೊಲೀಸ್ ಕಂಟ್ರೋಲ್ ರೂಂ: 080-22871291 ಗೆ ಸಂಪರ್ಕಿಸಬೇಕೆಂದು ಗದಗ ರೈಲ್ವೆ ಪೊಲೀಸ್ ಠಾಣೆಯ ಅಧಿಕಾರಿಗಳು ಪ್ರಕಟಣೆಯಲ್ಲಿ ತಿಳಿಸಿದ್ದಾರೆ.
ಯಲಬುರ್ಗಾ: ನಿವೇಶನ ರಹಿತರಿಗೆ ಆಶ್ರಯಕ್ಕಾಗಿ ಜಮೀನು ಖರೀದಿ

ಕೊಪ್ಪಳ : ಯಲಬುರ್ಗಾ ಪಟ್ಟಣ ವ್ಯಾಪ್ತಿಯ ನಗರ ವಸತಿ ಯೋಜನೆಯಡಿ 1636 ನಿವೇಶನ ರಹಿತರಿದ್ದು, ಅವರಿಗೆ ವಸತಿಯೋಜನೆಯಡಿ ನಿವೇಶನ ಸೌಲಭ್ಯ ಕಲ್ಪಿಸಿಕೊಡಲು, ಯಲಬುರ್ಗಾ ನಗರ ಸ್ಥಳೀಯ ಯೋಜನಾ ಪ್ರಾಧಿಕಾರದ ವ್ಯಾಪ್ತಿಯಲ್ಲಿ ಖರೀದಿ ಜಮೀನು ಅವಶ್ಯವಿದ್ದು, ಜಮೀನು ಖರೀದಿ ದರದಲ್ಲಿ ಕೊಡಲು ಇಚ್ಛಿಸುವವರನ್ನು ಯಲಬುರ್ಗಾ ಪಟ್ಟಣ

ಮುಖ್ಯಮಂತ್ರಿಗಳ ಆರ್ಥಿಕ ಸಲಹೆಗಾರರು, ಯಲಬುರ್ಗಾ ವಿಧಾನಸಭಾ ಕ್ಷೇತ್ರದ ಶಾಸಕರು ಹಾಗೂ ಯಲಬುರ್ಗಾ ಪಟ್ಟಣ ಆಶ್ರಯ ಸಮಿತಿಯ ಅಧ್ಯಕ್ಷರಾದ ಬಸವರಾಜ ರಾಯರೆಡ್ಡಿ ಅವರ ಆಶ್ರಯ ಯೋಜನೆಯಡಿ ಜಮೀನು ಖರೀದಿಸಲು ಕಡತದಲ್ಲಿ ಆದೇಶದ ಕುರಿತು ಅಗತ್ಯ ದಾಖಲೆಗಳೊಂದಿಗೆ ನಿಗದಿತ ನಮೂನೆಯಲ್ಲಿ ಅರ್ಜಿ ಸಲ್ಲಿಸಬೇಕು. ಕೊಡಲಿಚ್ಛಿಸುವವರು ಅಗತ್ಯ ದಾಖಲೆಗಳೊಂದಿಗೆ ಚಾಲ್ತಿ ಪಹಣಿ ಪತ್ರಿಕೆ,

ಫಾರಂ ನಂ. 10, ಜಮೀನು ಮಾಲೀಕರ ಆಧಾರ ಕಾರ್ಡ್ ಪ್ರತಿ, ಆಕಾರ ಬಂದ ಹಾಗೂ ನಕ್ಷೆಗಳೊಂದಿಗೆ ಯಲಬುರ್ಗಾ ಪಟ್ಟಣ ಪಂಚಾಯತ ಕಾರ್ಯಾಲಯಕ್ಕೆ 15 ದಿನಗಳೊಳಗಾಗಿ ಮಾಹಿತಿ ಸಲ್ಲಿಸಬೇಕೆಂದು ಯಲಬುರ್ಗಾ ಪಟ್ಟಣ ಪಂಚಾಯತ ಮುಖ್ಯಾಧಿಕಾರಿ ನಾಗೇಶ ಅವರು ಪ್ರಕಟಣೆಯಲ್ಲಿ ತಿಳಿಸಿದ್ದಾರೆ.
